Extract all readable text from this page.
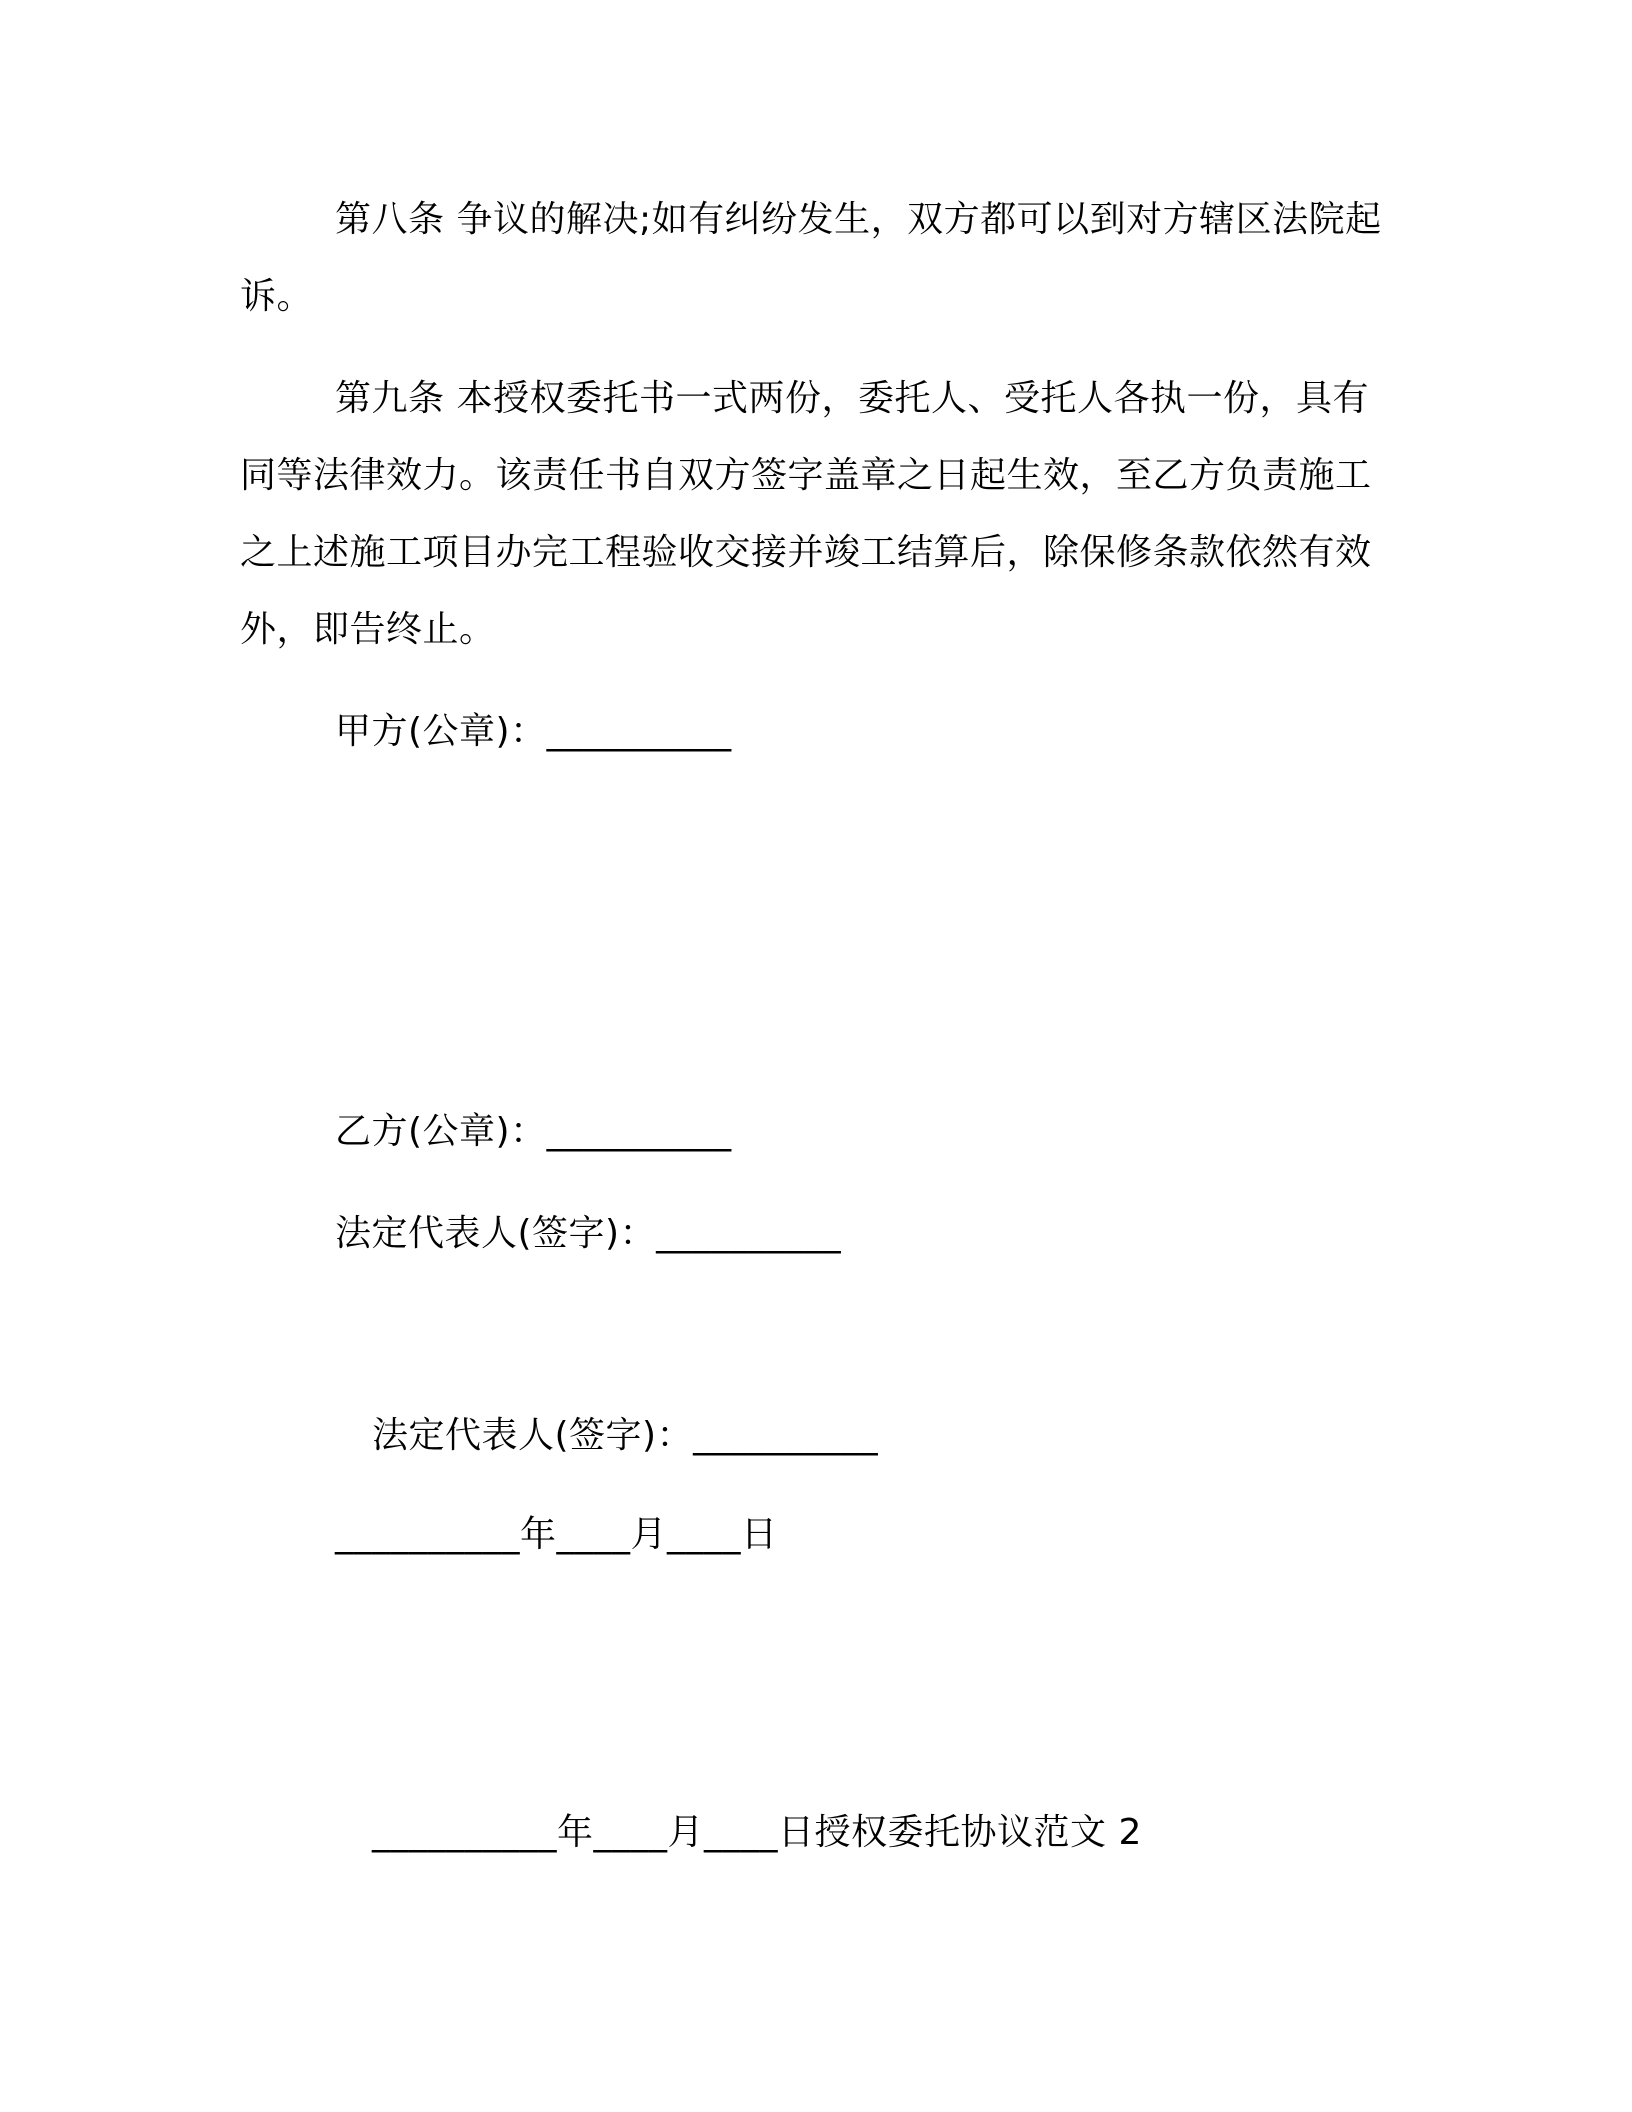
第八条 争议的解决;如有纠纷发生，双方都可以到对方辖区法院起诉。

第九条 本授权委托书一式两份，委托人、受托人各执一份，具有同等法律效力。该责任书自双方签字盖章之日起生效，至乙方负责施工之上述施工项目办完工程验收交接并竣工结算后，除保修条款依然有效外，即告终止。

甲方(公章)：__________

乙方(公章)：__________

法定代表人(签字)：__________

法定代表人(签字)：__________

__________年____月____日

__________年____月____日授权委托协议范文 2
